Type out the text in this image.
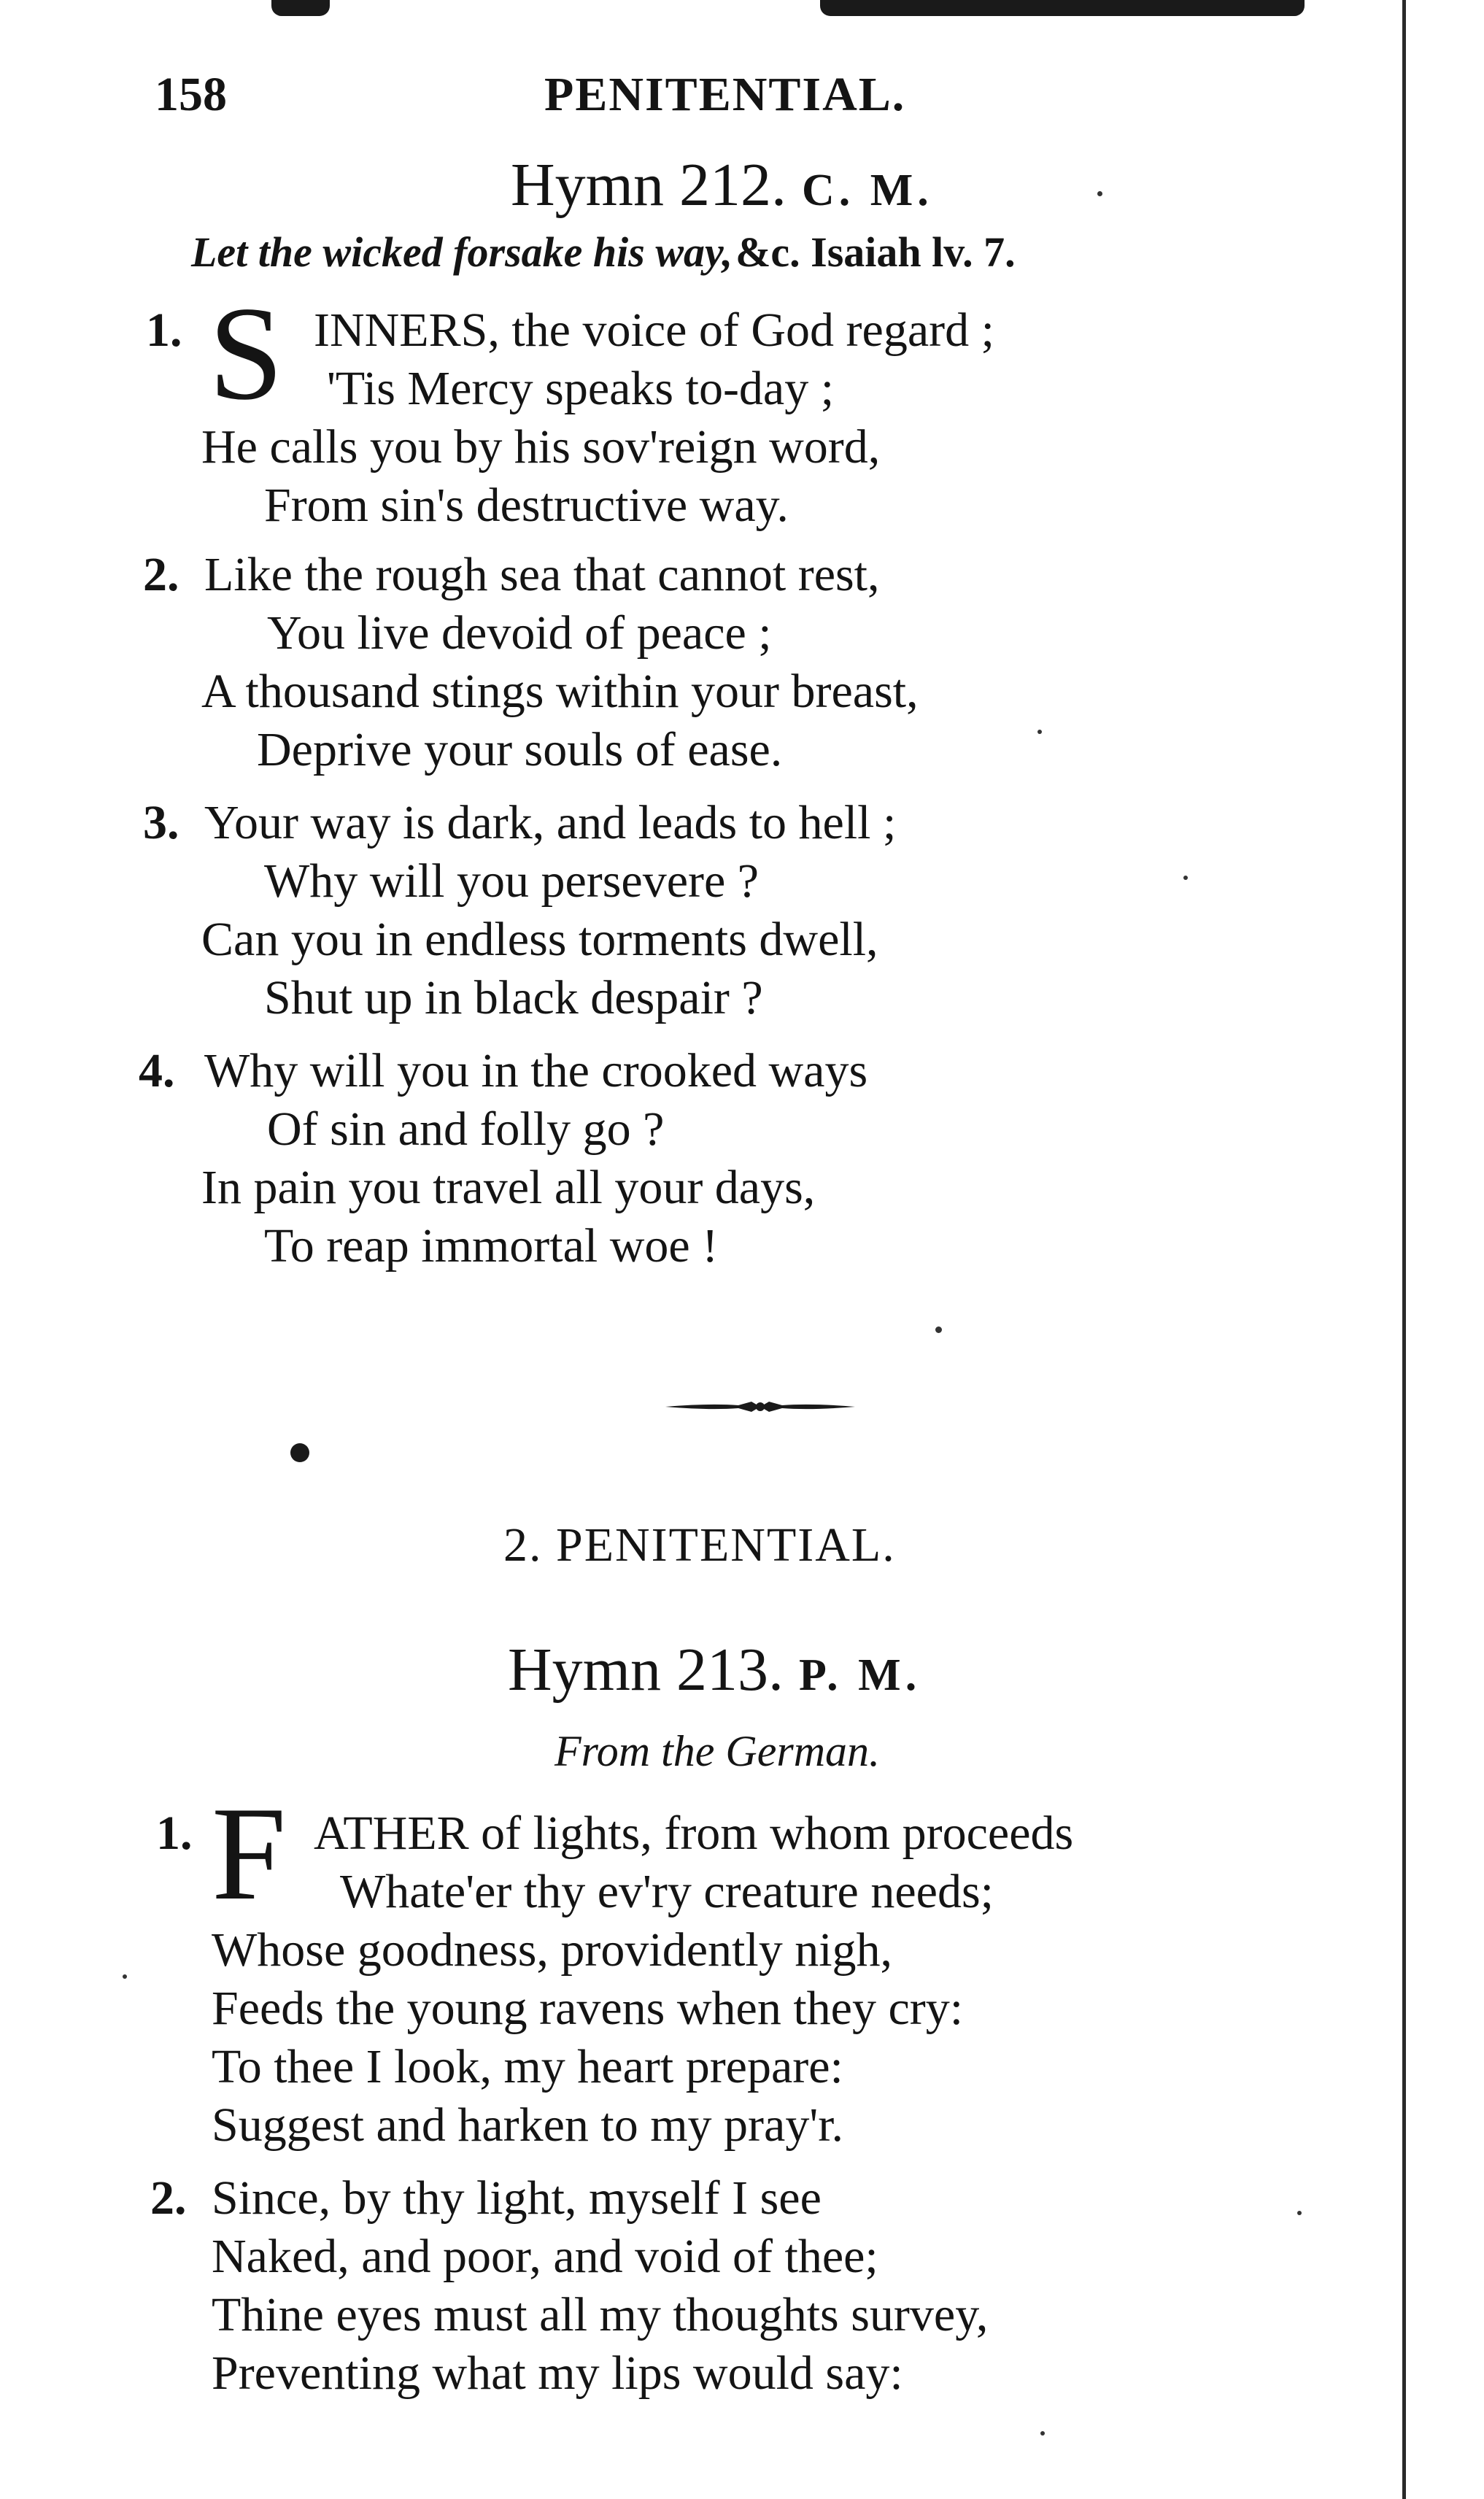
158	PENITENTIAL.
Hymn 212. C. M.
Let the wicked forsake his way, &c. Isaiah lv. 7.
1. S INNERS, the voice of God regard ;
'Tis Mercy speaks to-day ;
He calls you by his sov'reign word,
From sin's destructive way.
2. Like the rough sea that cannot rest,
You live devoid of peace ;
A thousand stings within your breast,
Deprive your souls of ease.
3. Your way is dark, and leads to hell ;
Why will you persevere ?
Can you in endless torments dwell,
Shut up in black despair ?
4. Why will you in the crooked ways
Of sin and folly go ?
In pain you travel all your days,
To reap immortal woe !
2. PENITENTIAL.
Hymn 213. P. M.
From the German.
1. F ATHER of lights, from whom proceeds
Whate'er thy ev'ry creature needs;
Whose goodness, providently nigh,
Feeds the young ravens when they cry:
To thee I look, my heart prepare:
Suggest and harken to my pray'r.
2. Since, by thy light, myself I see
Naked, and poor, and void of thee;
Thine eyes must all my thoughts survey,
Preventing what my lips would say:
